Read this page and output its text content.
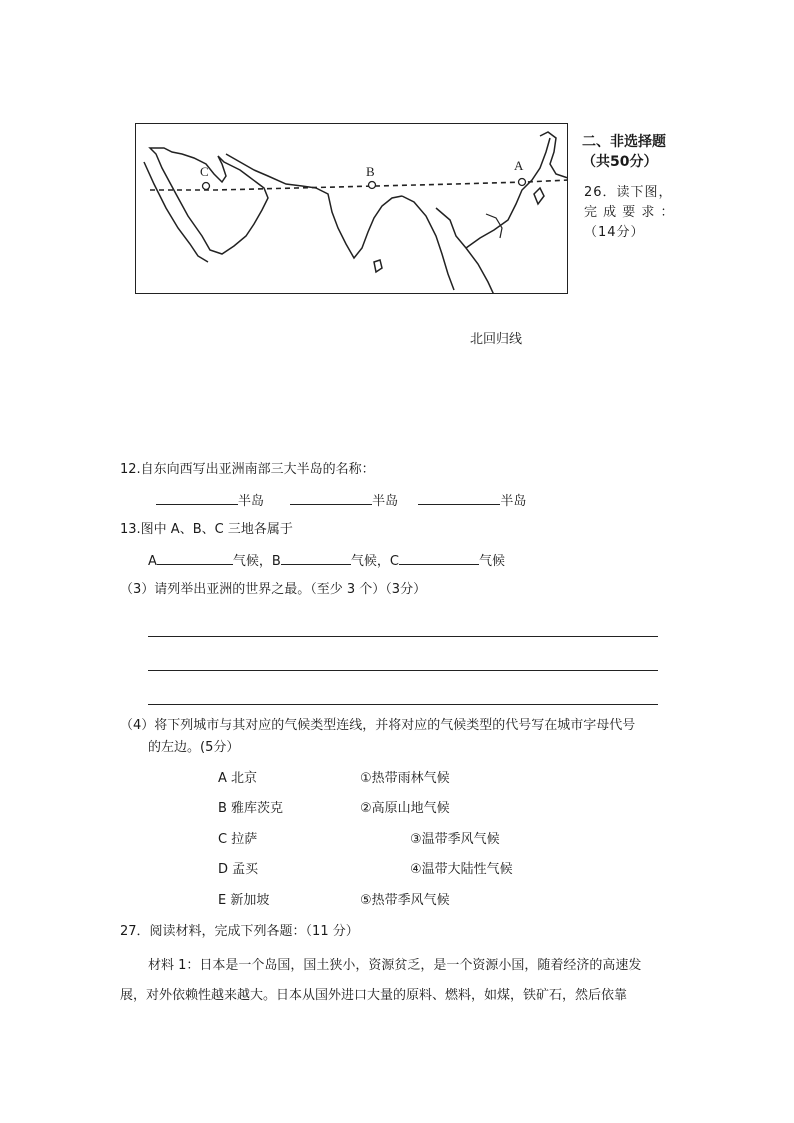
C	B	A
二、非选择题
（共50分）
26．读下图，
完 成 要 求 ：
（14分）
北回归线
12.自东向西写出亚洲南部三大半岛的名称：
半岛	半岛	半岛
13.图中 A、B、C 三地各属于
A	气候，B	气候，C	气候
（3）请列举出亚洲的世界之最。（至少 3 个）（3分）
（4）将下列城市与其对应的气候类型连线，并将对应的气候类型的代号写在城市字母代号
的左边。(5分）
A 北京	①热带雨林气候
B 雅库茨克	②高原山地气候
C 拉萨	③温带季风气候
D 孟买	④温带大陆性气候
E 新加坡	⑤热带季风气候
27．阅读材料，完成下列各题：（11 分）
材料 1：日本是一个岛国，国土狭小，资源贫乏，是一个资源小国，随着经济的高速发
展，对外依赖性越来越大。日本从国外进口大量的原料、燃料，如煤，铁矿石，然后依靠
